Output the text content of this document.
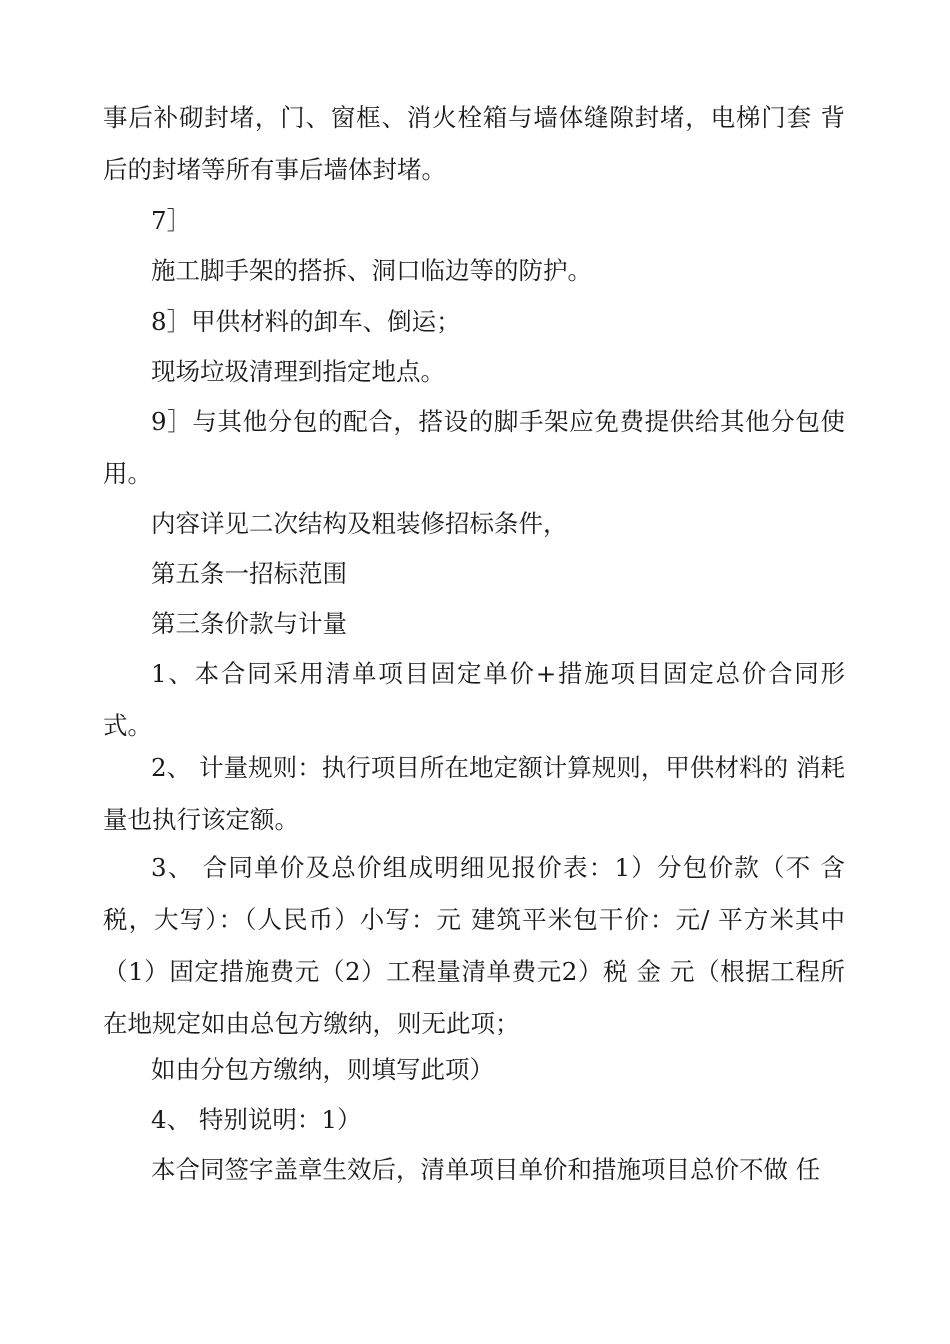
事后补砌封堵，门、窗框、消火栓箱与墙体缝隙封堵，电梯门套 背后的封堵等所有事后墙体封堵。

7］

施工脚手架的搭拆、洞口临边等的防护。

8］甲供材料的卸车、倒运；

现场垃圾清理到指定地点。

9］与其他分包的配合，搭设的脚手架应免费提供给其他分包使用。

内容详见二次结构及粗装修招标条件，

第五条一招标范围

第三条价款与计量

1、本合同采用清单项目固定单价+措施项目固定总价合同形式。

2、 计量规则：执行项目所在地定额计算规则，甲供材料的 消耗量也执行该定额。

3、 合同单价及总价组成明细见报价表：1）分包价款（不 含税，大写）：（人民币）小写：元 建筑平米包干价：元/ 平方米其中（1）固定措施费元（2）工程量清单费元2）税 金 元（根据工程所在地规定如由总包方缴纳，则无此项；

如由分包方缴纳，则填写此项）

4、 特别说明：1）

本合同签字盖章生效后，清单项目单价和措施项目总价不做 任
